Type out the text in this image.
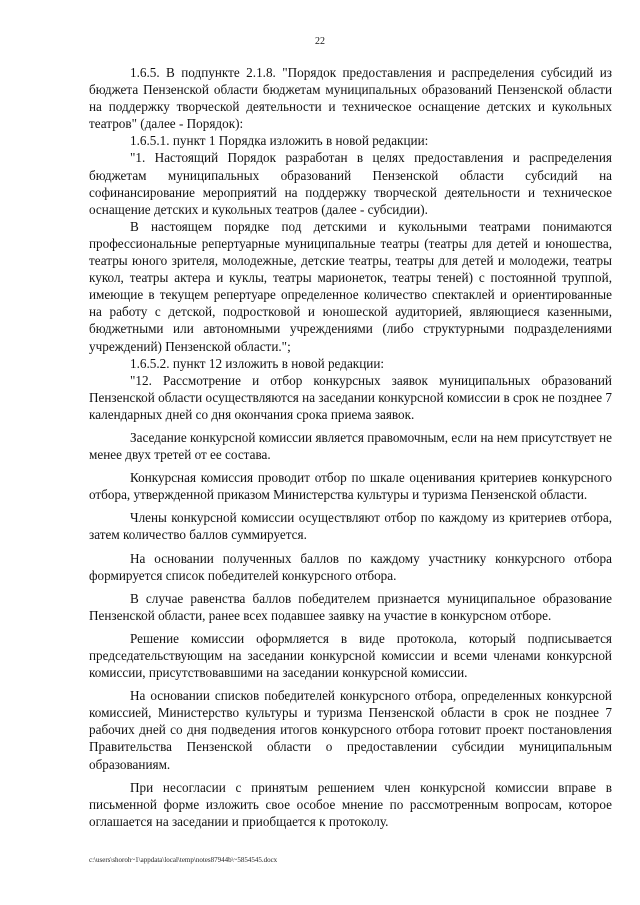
22

1.6.5. В подпункте 2.1.8. "Порядок предоставления и распределения субсидий из бюджета Пензенской области бюджетам муниципальных образований Пензенской области на поддержку творческой деятельности и техническое оснащение детских и кукольных театров" (далее - Порядок):

1.6.5.1. пункт 1 Порядка изложить в новой редакции:

"1. Настоящий Порядок разработан в целях предоставления и распределения бюджетам муниципальных образований Пензенской области субсидий на софинансирование мероприятий на поддержку творческой деятельности и техническое оснащение детских и кукольных театров (далее - субсидии).

В настоящем порядке под детскими и кукольными театрами понимаются профессиональные репертуарные муниципальные театры (театры для детей и юношества, театры юного зрителя, молодежные, детские театры, театры для детей и молодежи, театры кукол, театры актера и куклы, театры марионеток, театры теней) с постоянной труппой, имеющие в текущем репертуаре определенное количество спектаклей и ориентированные на работу с детской, подростковой и юношеской аудиторией, являющиеся казенными, бюджетными или автономными учреждениями (либо структурными подразделениями учреждений) Пензенской области.";

1.6.5.2. пункт 12 изложить в новой редакции:

"12. Рассмотрение и отбор конкурсных заявок муниципальных образований Пензенской области осуществляются на заседании конкурсной комиссии в срок не позднее 7 календарных дней со дня окончания срока приема заявок.

Заседание конкурсной комиссии является правомочным, если на нем присутствует не менее двух третей от ее состава.

Конкурсная комиссия проводит отбор по шкале оценивания критериев конкурсного отбора, утвержденной приказом Министерства культуры и туризма Пензенской области.

Члены конкурсной комиссии осуществляют отбор по каждому из критериев отбора, затем количество баллов суммируется.

На основании полученных баллов по каждому участнику конкурсного отбора формируется список победителей конкурсного отбора.

В случае равенства баллов победителем признается муниципальное образование Пензенской области, ранее всех подавшее заявку на участие в конкурсном отборе.

Решение комиссии оформляется в виде протокола, который подписывается председательствующим на заседании конкурсной комиссии и всеми членами конкурсной комиссии, присутствовавшими на заседании конкурсной комиссии.

На основании списков победителей конкурсного отбора, определенных конкурсной комиссией, Министерство культуры и туризма Пензенской области в срок не позднее 7 рабочих дней со дня подведения итогов конкурсного отбора готовит проект постановления Правительства Пензенской области о предоставлении субсидии муниципальным образованиям.

При несогласии с принятым решением член конкурсной комиссии вправе в письменной форме изложить свое особое мнение по рассмотренным вопросам, которое оглашается на заседании и приобщается к протоколу.

c:\users\shoroh~1\appdata\local\temp\notes87944b\~5854545.docx
